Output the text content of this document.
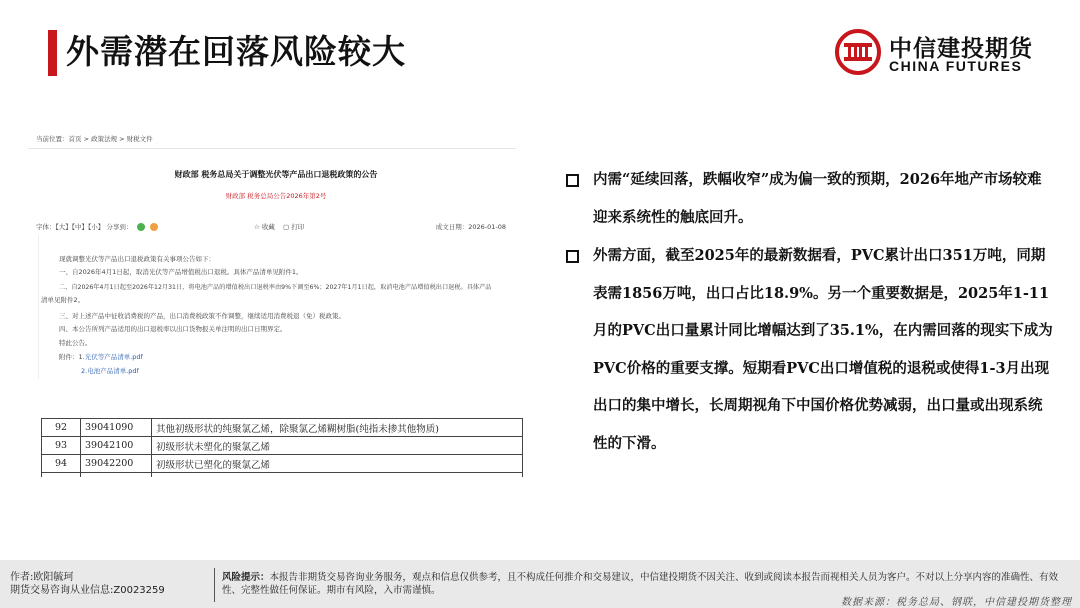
外需潜在回落风险较大	中信建投期货
CHINA FUTURES
当前位置：首页 > 政策法规 > 财税文件
财政部 税务总局关于调整光伏等产品出口退税政策的公告
财政部 税务总局公告2026年第2号
字体：【大】【中】【小】 分享到：	☆ 收藏 ▢ 打印	成文日期：2026-01-08

现就调整光伏等产品出口退税政策有关事项公告如下：

一、自2026年4月1日起，取消光伏等产品增值税出口退税。具体产品清单见附件1。

二、自2026年4月1日起至2026年12月31日，将电池产品的增值税出口退税率由9%下调至6%；2027年1月1日起，取消电池产品增值税出口退税。具体产品

清单见附件2。

三、对上述产品中征收消费税的产品，出口消费税政策不作调整，继续适用消费税退（免）税政策。

四、本公告所列产品适用的出口退税率以出口货物报关单注明的出口日期界定。

特此公告。

附件：1.光伏等产品清单.pdf

2.电池产品清单.pdf

92	39041090	其他初级形状的纯聚氯乙烯，除聚氯乙烯糊树脂(纯指未掺其他物质)
93	39042100	初级形状未塑化的聚氯乙烯
94	39042200	初级形状已塑化的聚氯乙烯

内需“延续回落，跌幅收窄”成为偏一致的预期，2026年地产市场较难迎来系统性的触底回升。
外需方面，截至2025年的最新数据看，PVC累计出口351万吨，同期表需1856万吨，出口占比18.9%。另一个重要数据是，2025年1-11月的PVC出口量累计同比增幅达到了35.1%，在内需回落的现实下成为PVC价格的重要支撑。短期看PVC出口增值税的退税或使得1-3月出现出口的集中增长，长周期视角下中国价格优势减弱，出口量或出现系统性的下滑。
作者:欧阳毓珂
期货交易咨询从业信息:Z0023259
风险提示：本报告非期货交易咨询业务服务，观点和信息仅供参考，且不构成任何推介和交易建议，中信建投期货不因关注、收到或阅读本报告而视相关人员为客户。不对以上分享内容的准确性、有效性、完整性做任何保证。期市有风险，入市需谨慎。
数据来源：税务总局、钢联，中信建投期货整理
